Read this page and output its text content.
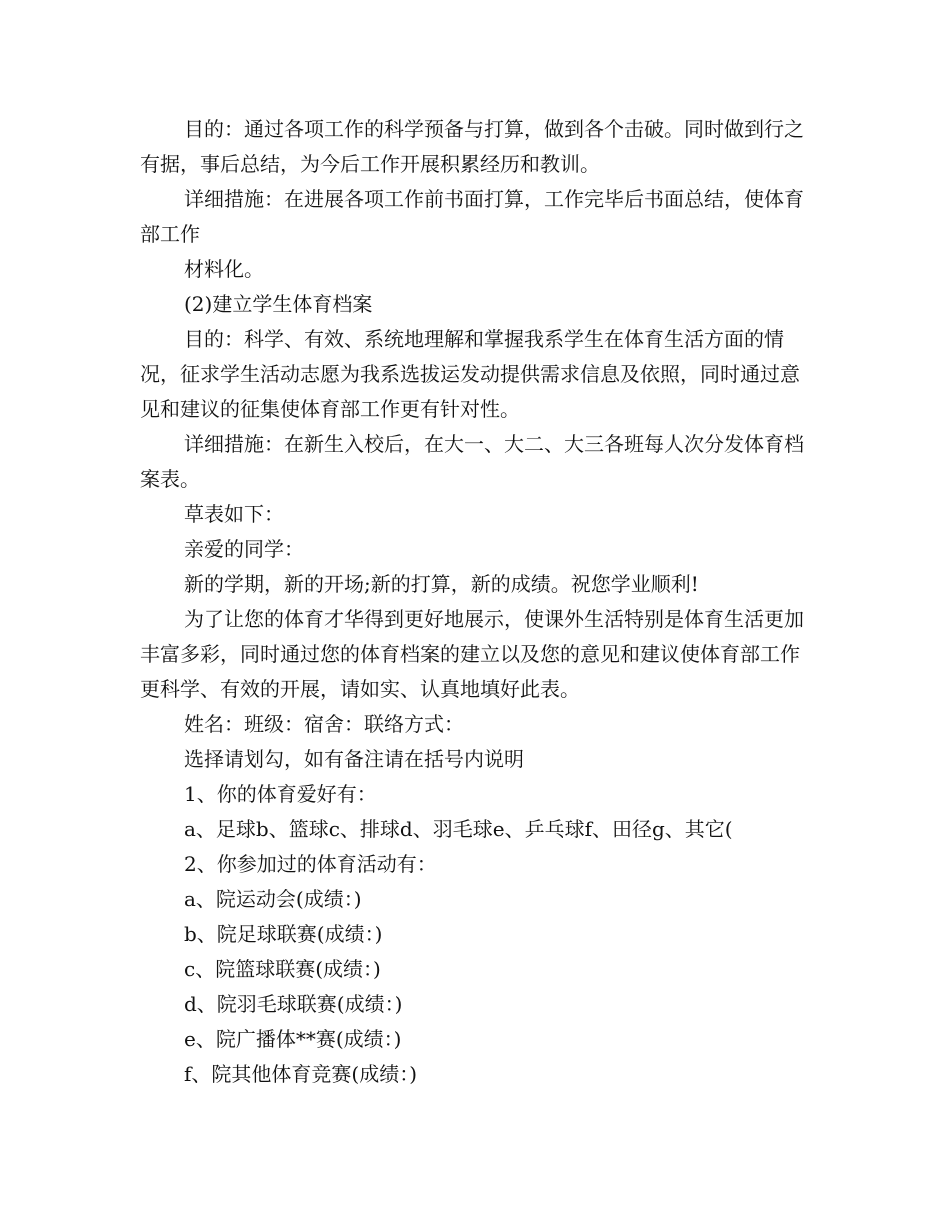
目的：通过各项工作的科学预备与打算，做到各个击破。同时做到行之有据，事后总结，为今后工作开展积累经历和教训。

详细措施：在进展各项工作前书面打算，工作完毕后书面总结，使体育部工作

材料化。

(2)建立学生体育档案

目的：科学、有效、系统地理解和掌握我系学生在体育生活方面的情况，征求学生活动志愿为我系选拔运发动提供需求信息及依照，同时通过意见和建议的征集使体育部工作更有针对性。

详细措施：在新生入校后，在大一、大二、大三各班每人次分发体育档案表。

草表如下：

亲爱的同学：

新的学期，新的开场;新的打算，新的成绩。祝您学业顺利!

为了让您的体育才华得到更好地展示，使课外生活特别是体育生活更加丰富多彩，同时通过您的体育档案的建立以及您的意见和建议使体育部工作更科学、有效的开展，请如实、认真地填好此表。

姓名：班级：宿舍：联络方式：

选择请划勾，如有备注请在括号内说明

1、你的体育爱好有：

a、足球b、篮球c、排球d、羽毛球e、乒乓球f、田径g、其它(

2、你参加过的体育活动有：

a、院运动会(成绩：)

b、院足球联赛(成绩：)

c、院篮球联赛(成绩：)

d、院羽毛球联赛(成绩：)

e、院广播体**赛(成绩：)

f、院其他体育竞赛(成绩：)
